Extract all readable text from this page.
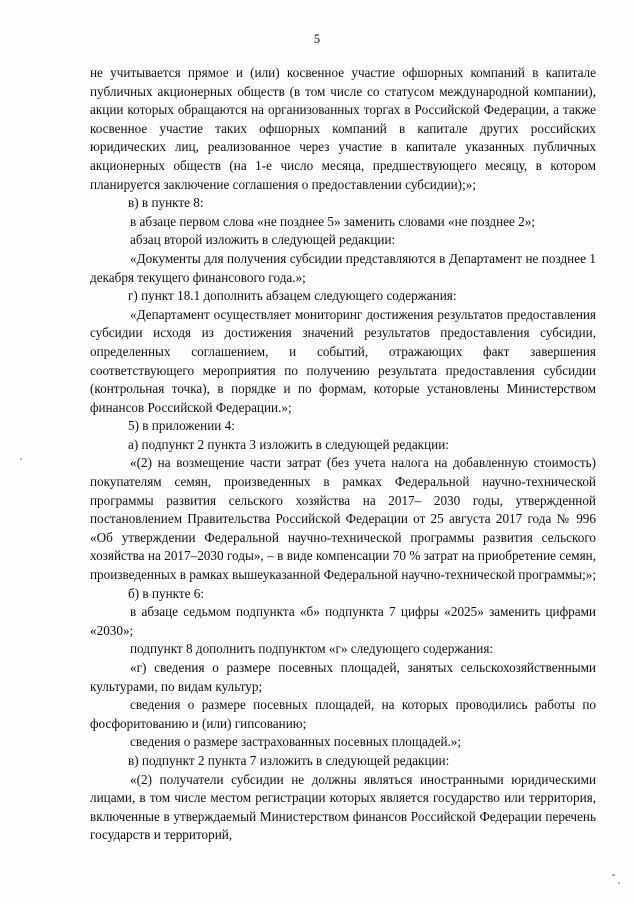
5

не учитывается прямое и (или) косвенное участие офшорных компаний в капитале публичных акционерных обществ (в том числе со статусом международной компании), акции которых обращаются на организованных торгах в Российской Федерации, а также косвенное участие таких офшорных компаний в капитале других российских юридических лиц, реализованное через участие в капитале указанных публичных акционерных обществ (на 1-е число месяца, предшествующего месяцу, в котором планируется заключение соглашения о предоставлении субсидии);»;

в) в пункте 8:

в абзаце первом слова «не позднее 5» заменить словами «не позднее 2»;

абзац второй изложить в следующей редакции:

«Документы для получения субсидии представляются в Департамент не позднее 1 декабря текущего финансового года.»;

г) пункт 18.1 дополнить абзацем следующего содержания:

«Департамент осуществляет мониторинг достижения результатов предоставления субсидии исходя из достижения значений результатов предоставления субсидии, определенных соглашением, и событий, отражающих факт завершения соответствующего мероприятия по получению результата предоставления субсидии (контрольная точка), в порядке и по формам, которые установлены Министерством финансов Российской Федерации.»;

5) в приложении 4:

а) подпункт 2 пункта 3 изложить в следующей редакции:

«(2) на возмещение части затрат (без учета налога на добавленную стоимость) покупателям семян, произведенных в рамках Федеральной научно-технической программы развития сельского хозяйства на 2017– 2030 годы, утвержденной постановлением Правительства Российской Федерации от 25 августа 2017 года № 996 «Об утверждении Федеральной научно-технической программы развития сельского хозяйства на 2017–2030 годы», – в виде компенсации 70 % затрат на приобретение семян, произведенных в рамках вышеуказанной Федеральной научно-технической программы;»;

б) в пункте 6:

в абзаце седьмом подпункта «б» подпункта 7 цифры «2025» заменить цифрами «2030»;

подпункт 8 дополнить подпунктом «г» следующего содержания:

«г) сведения о размере посевных площадей, занятых сельскохозяйственными культурами, по видам культур;

сведения о размере посевных площадей, на которых проводились работы по фосфоритованию и (или) гипсованию;

сведения о размере застрахованных посевных площадей.»;

в) подпункт 2 пункта 7 изложить в следующей редакции:

«(2) получатели субсидии не должны являться иностранными юридическими лицами, в том числе местом регистрации которых является государство или территория, включенные в утверждаемый Министерством финансов Российской Федерации перечень государств и территорий,
